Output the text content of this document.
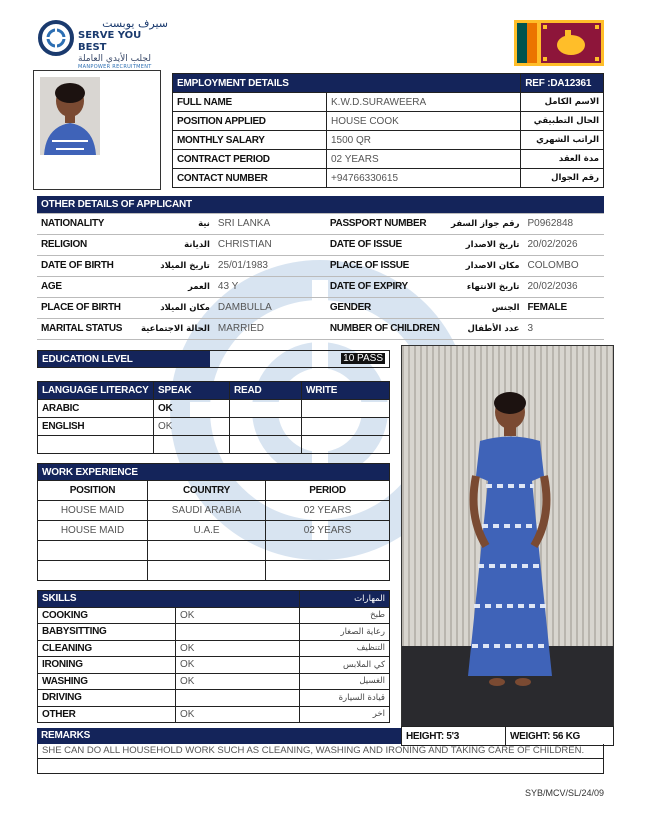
سيرف يوبست
SERVE YOU BEST
لجلب الأيدي العاملة
MANPOWER RECRUITMENT
EMPLOYMENT DETAILS		REF :DA12361
FULL NAME	K.W.D.SURAWEERA	الاسم الكامل
POSITION APPLIED	HOUSE COOK	الحال التطبيقي
MONTHLY SALARY	1500 QR	الراتب الشهري
CONTRACT PERIOD	02 YEARS	مدة العقد
CONTACT NUMBER	+94766330615	رقم الجوال
OTHER DETAILS OF APPLICANT					
NATIONALITY	نية	SRI LANKA	PASSPORT NUMBER	رقم جواز السفر	P0962848
RELIGION	الديانة	CHRISTIAN	DATE OF ISSUE	تاريخ الاصدار	20/02/2026
DATE OF BIRTH	تاريخ الميلاد	25/01/1983	PLACE OF ISSUE	مكان الاصدار	COLOMBO
AGE	العمر	43 Y	DATE OF EXPIRY	تاريخ الانتهاء	20/02/2036
PLACE OF BIRTH	مكان الميلاد	DAMBULLA	GENDER	الجنس	FEMALE
MARITAL STATUS	الحالة الاجتماعية	MARRIED	NUMBER OF CHILDREN	عدد الأطفال	3
EDUCATION LEVEL	10 PASS
LANGUAGE LITERACY	SPEAK	READ	WRITE
ARABIC	OK		
ENGLISH	OK		

WORK EXPERIENCE		
POSITION	COUNTRY	PERIOD
HOUSE MAID	SAUDI ARABIA	02 YEARS
HOUSE MAID	U.A.E	02 YEARS

SKILLS		المهارات
COOKING	OK	طبخ
BABYSITTING		رعاية الصغار
CLEANING	OK	التنظيف
IRONING	OK	كي الملابس
WASHING	OK	الغسيل
DRIVING		قيادة السيارة
OTHER	OK	اخر
HEIGHT: 5'3	WEIGHT: 56 KG
REMARKS
SHE CAN DO ALL HOUSEHOLD WORK SUCH AS CLEANING, WASHING AND IRONING AND TAKING CARE OF CHILDREN.
SYB/MCV/SL/24/09
